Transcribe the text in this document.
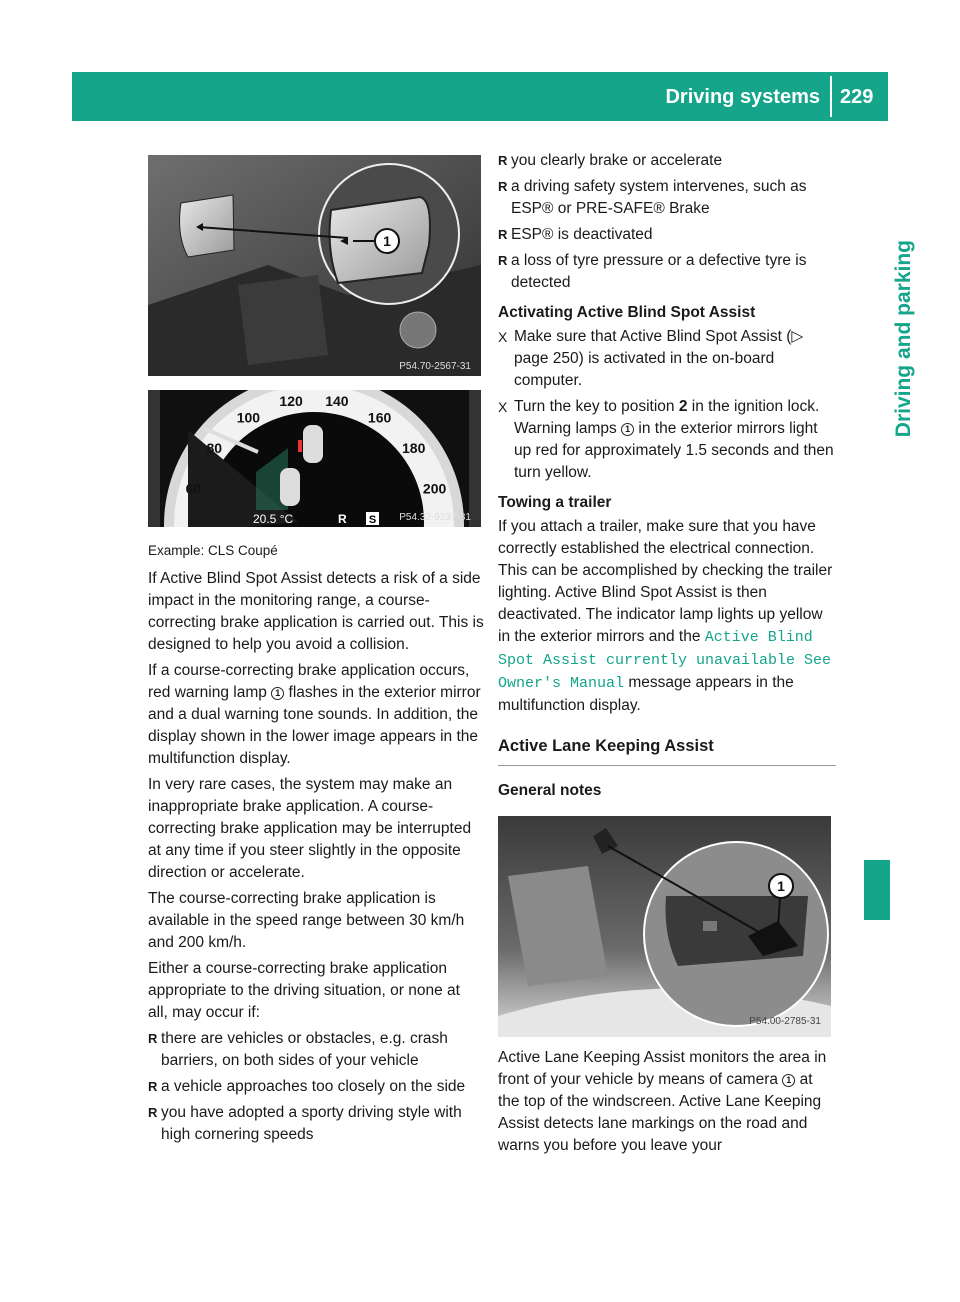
Driving systems 229
Driving and parking
1
P54.70-2567-31
60
80
100
120 140
160
180
200
20.5 °C	R S P54.32-9237-31

Example: CLS Coupé

If Active Blind Spot Assist detects a risk of a side impact in the monitoring range, a course-correcting brake application is carried out. This is designed to help you avoid a collision.

If a course-correcting brake application occurs, red warning lamp 1 flashes in the exterior mirror and a dual warning tone sounds. In addition, the display shown in the lower image appears in the multifunction display.

In very rare cases, the system may make an inappropriate brake application. A course-correcting brake application may be interrupted at any time if you steer slightly in the opposite direction or accelerate.

The course-correcting brake application is available in the speed range between 30 km/h and 200 km/h.

Either a course-correcting brake application appropriate to the driving situation, or none at all, may occur if:

R there are vehicles or obstacles, e.g. crash barriers, on both sides of your vehicle
R a vehicle approaches too closely on the side
R you have adopted a sporty driving style with high cornering speeds
R you clearly brake or accelerate
R a driving safety system intervenes, such as ESP® or PRE-SAFE® Brake
R ESP® is deactivated
R a loss of tyre pressure or a defective tyre is detected

Activating Active Blind Spot Assist

X Make sure that Active Blind Spot Assist (▷ page 250) is activated in the on-board computer.
X Turn the key to position 2 in the ignition lock.
Warning lamps 1 in the exterior mirrors light up red for approximately 1.5 seconds and then turn yellow.

Towing a trailer

If you attach a trailer, make sure that you have correctly established the electrical connection. This can be accomplished by checking the trailer lighting. Active Blind Spot Assist is then deactivated. The indicator lamp lights up yellow in the exterior mirrors and the Active Blind Spot Assist currently unavailable See Owner's Manual message appears in the multifunction display.

Active Lane Keeping Assist

General notes

1
P54.00-2785-31

Active Lane Keeping Assist monitors the area in front of your vehicle by means of camera 1 at the top of the windscreen. Active Lane Keeping Assist detects lane markings on the road and warns you before you leave your
